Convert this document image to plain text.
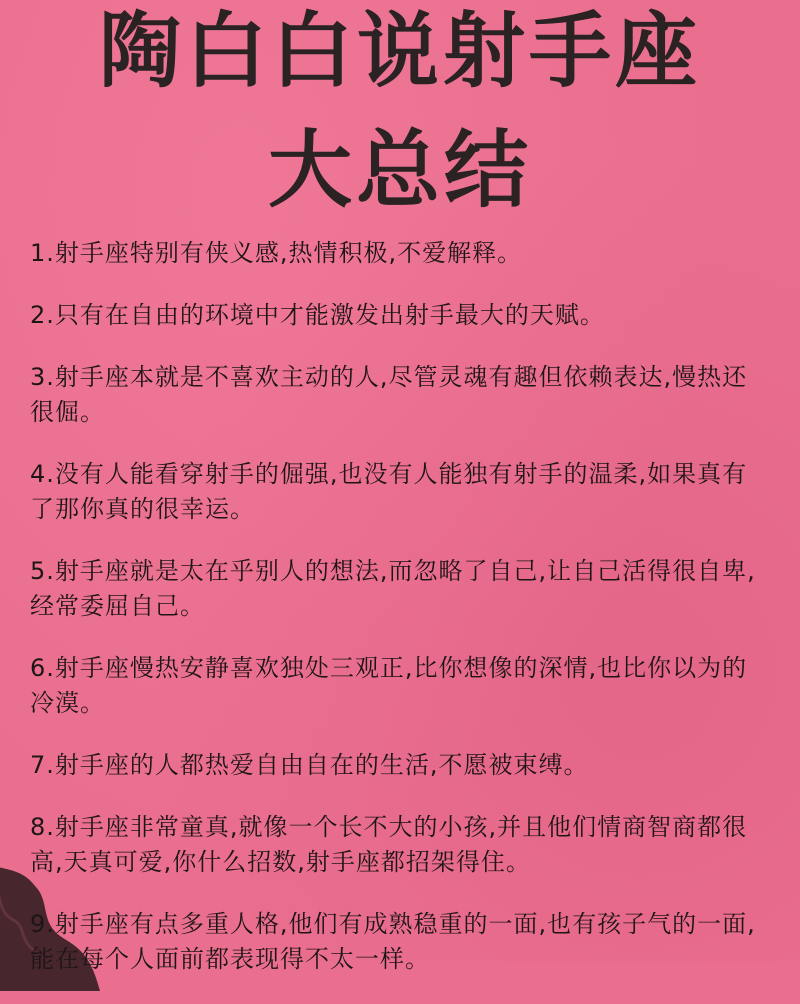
陶白白说射手座
大总结
1.射手座特别有侠义感,热情积极,不爱解释。
2.只有在自由的环境中才能激发出射手最大的天赋。
3.射手座本就是不喜欢主动的人,尽管灵魂有趣但依赖表达,慢热还很倔。
4.没有人能看穿射手的倔强,也没有人能独有射手的温柔,如果真有了那你真的很幸运。
5.射手座就是太在乎别人的想法,而忽略了自己,让自己活得很自卑,经常委屈自己。
6.射手座慢热安静喜欢独处三观正,比你想像的深情,也比你以为的冷漠。
7.射手座的人都热爱自由自在的生活,不愿被束缚。
8.射手座非常童真,就像一个长不大的小孩,并且他们情商智商都很高,天真可爱,你什么招数,射手座都招架得住。
9.射手座有点多重人格,他们有成熟稳重的一面,也有孩子气的一面,能在每个人面前都表现得不太一样。
